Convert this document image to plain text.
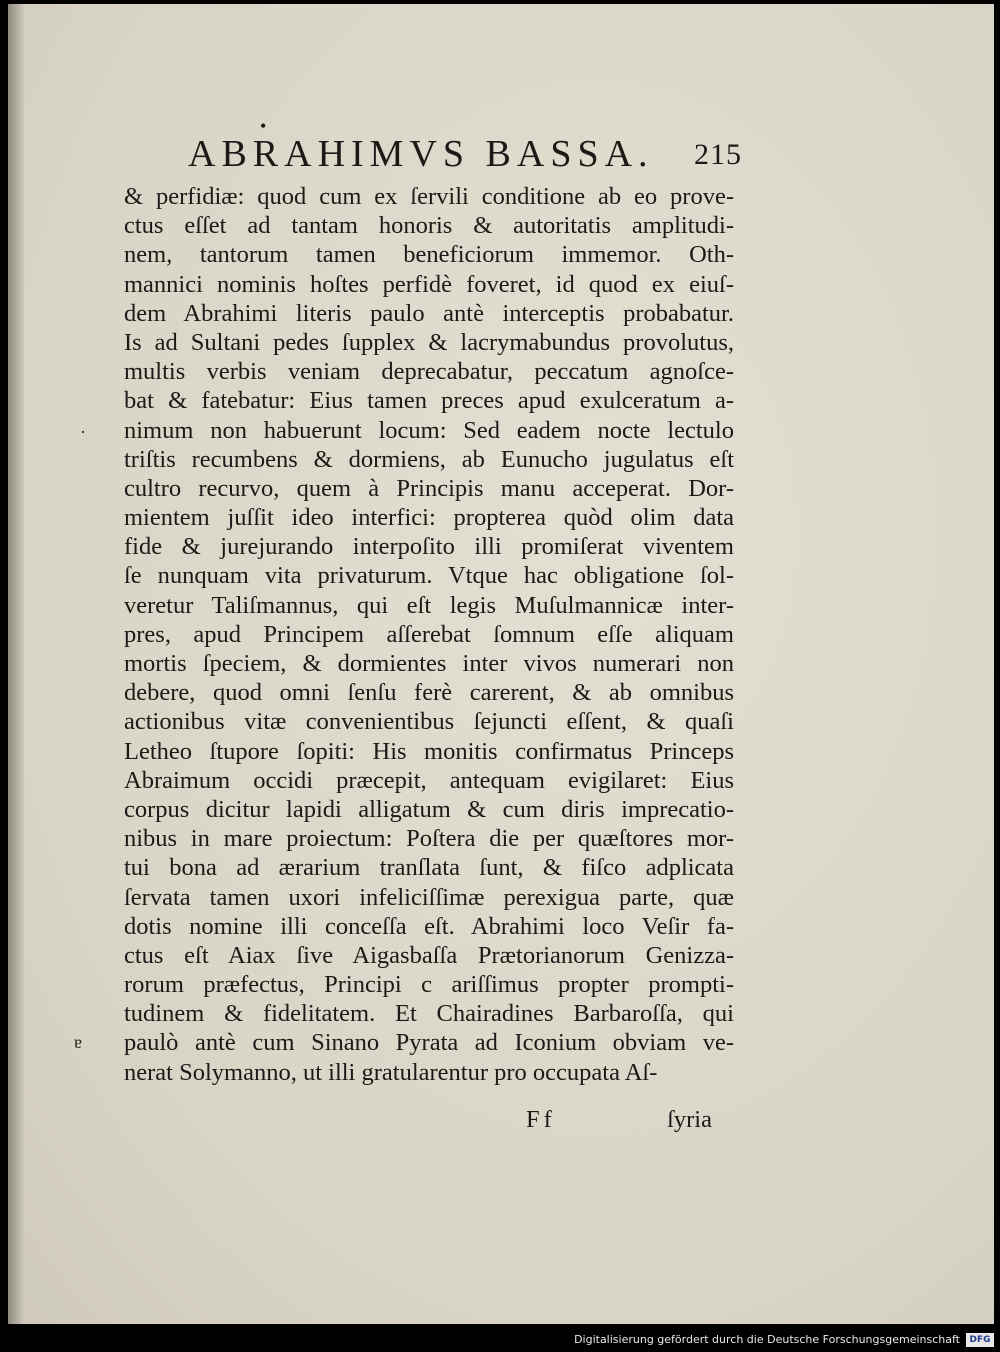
•
ABRAHIMVS BASSA. 215
& perfidiæ: quod cum ex ſervili conditione ab eo prove-
ctus eſſet ad tantam honoris & autoritatis amplitudi-
nem, tantorum tamen beneficiorum immemor. Oth-
mannici nominis hoſtes perfidè foveret, id quod ex eiuſ-
dem Abrahimi literis paulo antè interceptis probabatur.
Is ad Sultani pedes ſupplex & lacrymabundus provolutus,
multis verbis veniam deprecabatur, peccatum agnoſce-
bat & fatebatur: Eius tamen preces apud exulceratum a-
nimum non habuerunt locum: Sed eadem nocte lectulo
triſtis recumbens & dormiens, ab Eunucho jugulatus eſt
cultro recurvo, quem à Principis manu acceperat. Dor-
mientem juſſit ideo interfici: propterea quòd olim data
fide & jurejurando interpoſito illi promiſerat viventem
ſe nunquam vita privaturum. Vtque hac obligatione ſol-
veretur Taliſmannus, qui eſt legis Muſulmannicæ inter-
pres, apud Principem aſſerebat ſomnum eſſe aliquam
mortis ſpeciem, & dormientes inter vivos numerari non
debere, quod omni ſenſu ferè carerent, & ab omnibus
actionibus vitæ convenientibus ſejuncti eſſent, & quaſi
Letheo ſtupore ſopiti: His monitis confirmatus Princeps
Abraimum occidi præcepit, antequam evigilaret: Eius
corpus dicitur lapidi alligatum & cum diris imprecatio-
nibus in mare proiectum: Poſtera die per quæſtores mor-
tui bona ad ærarium tranſlata ſunt, & fiſco adplicata
ſervata tamen uxori infeliciſſimæ perexigua parte, quæ
dotis nomine illi conceſſa eſt. Abrahimi loco Veſir fa-
ctus eſt Aiax ſive Aigasbaſſa Prætorianorum Genizza-
rorum præfectus, Principi c ariſſimus propter prompti-
tudinem & fidelitatem. Et Chairadines Barbaroſſa, qui
paulò antè cum Sinano Pyrata ad Iconium obviam ve-
nerat Solymanno, ut illi gratularentur pro occupata Aſ-
·
ɐ
Ff	ſyria
Digitalisierung gefördert durch die Deutsche Forschungsgemeinschaft	DFG
